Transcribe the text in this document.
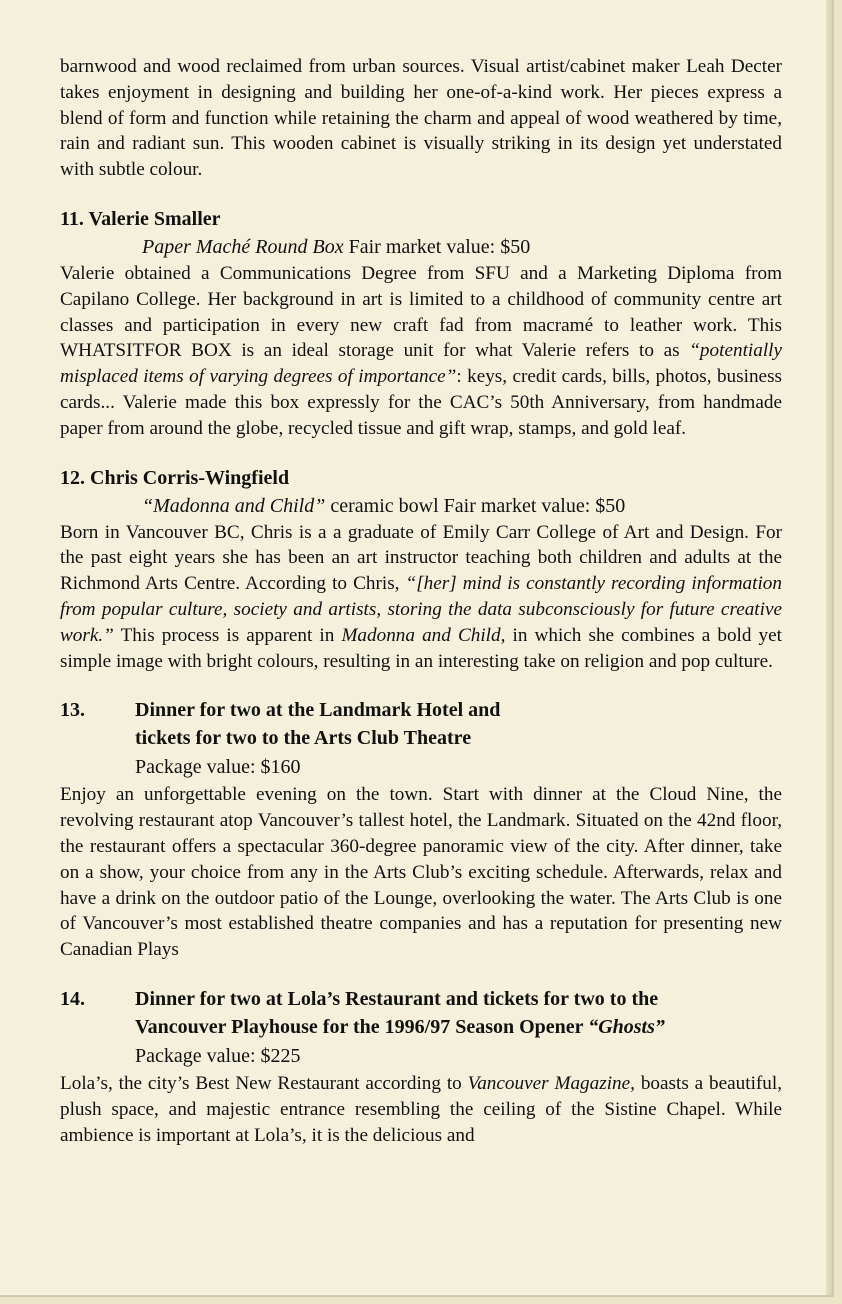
barnwood and wood reclaimed from urban sources. Visual artist/cabinet maker Leah Decter takes enjoyment in designing and building her one-of-a-kind work. Her pieces express a blend of form and function while retaining the charm and appeal of wood weathered by time, rain and radiant sun. This wooden cabinet is visually striking in its design yet understated with subtle colour.

11. Valerie Smaller

Paper Maché Round Box Fair market value: $50

Valerie obtained a Communications Degree from SFU and a Marketing Diploma from Capilano College. Her background in art is limited to a childhood of community centre art classes and participation in every new craft fad from macramé to leather work. This WHATSITFOR BOX is an ideal storage unit for what Valerie refers to as “potentially misplaced items of varying degrees of importance”: keys, credit cards, bills, photos, business cards... Valerie made this box expressly for the CAC’s 50th Anniversary, from handmade paper from around the globe, recycled tissue and gift wrap, stamps, and gold leaf.

12. Chris Corris-Wingfield

“Madonna and Child” ceramic bowl Fair market value: $50

Born in Vancouver BC, Chris is a a graduate of Emily Carr College of Art and Design. For the past eight years she has been an art instructor teaching both children and adults at the Richmond Arts Centre. According to Chris, “[her] mind is constantly recording information from popular culture, society and artists, storing the data subconsciously for future creative work.” This process is apparent in Madonna and Child, in which she combines a bold yet simple image with bright colours, resulting in an interesting take on religion and pop culture.

13.	Dinner for two at the Landmark Hotel and
tickets for two to the Arts Club Theatre
Package value: $160

Enjoy an unforgettable evening on the town. Start with dinner at the Cloud Nine, the revolving restaurant atop Vancouver’s tallest hotel, the Landmark. Situated on the 42nd floor, the restaurant offers a spectacular 360-degree panoramic view of the city. After dinner, take on a show, your choice from any in the Arts Club’s exciting schedule. Afterwards, relax and have a drink on the outdoor patio of the Lounge, overlooking the water. The Arts Club is one of Vancouver’s most established theatre companies and has a reputation for presenting new Canadian Plays

14.	Dinner for two at Lola’s Restaurant and tickets for two to the
Vancouver Playhouse for the 1996/97 Season Opener “Ghosts”
Package value: $225

Lola’s, the city’s Best New Restaurant according to Vancouver Magazine, boasts a beautiful, plush space, and majestic entrance resembling the ceiling of the Sistine Chapel. While ambience is important at Lola’s, it is the delicious and
